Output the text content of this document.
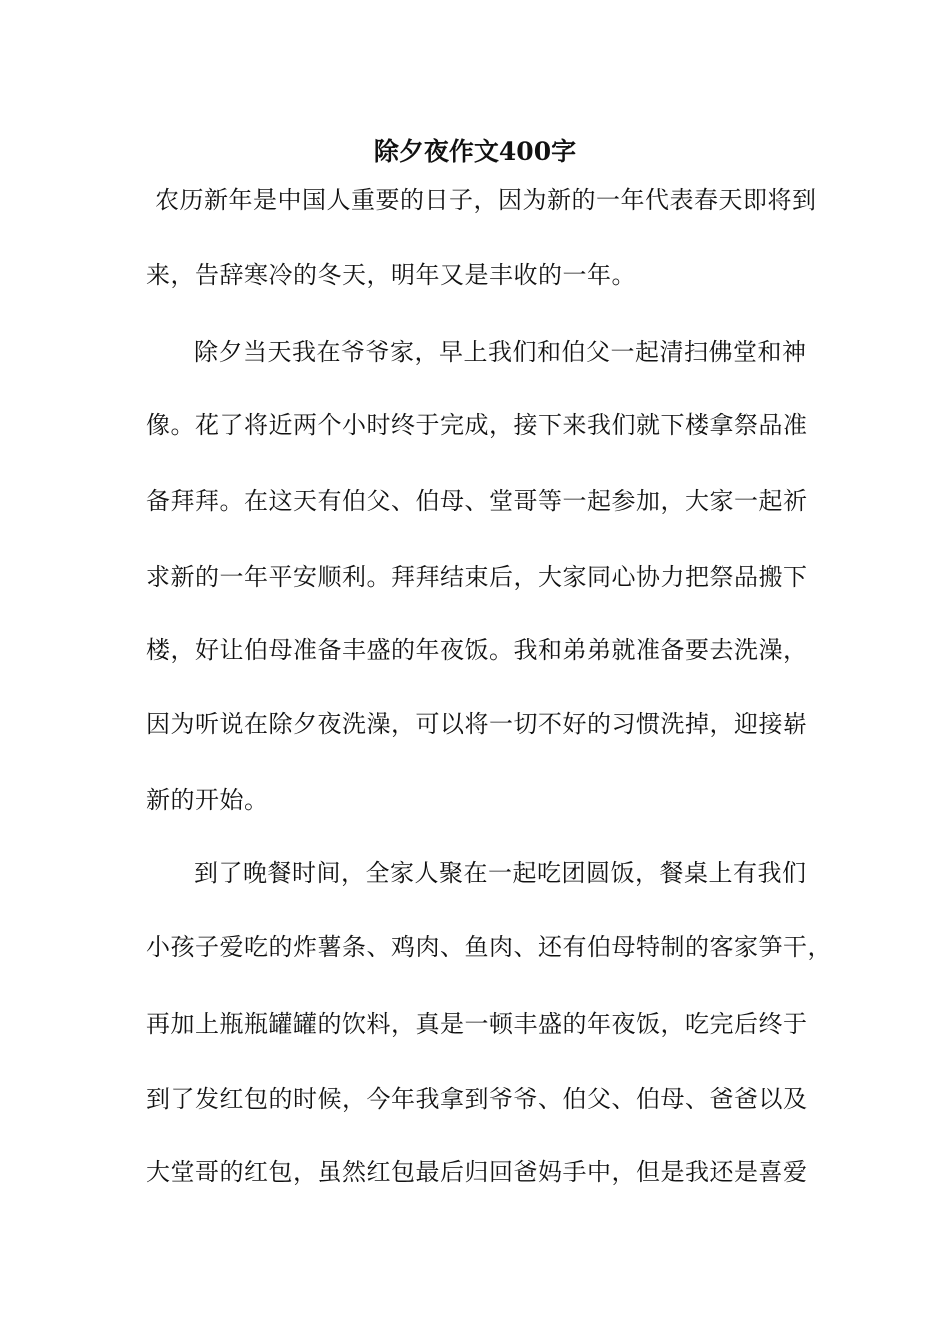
除夕夜作文400字
农历新年是中国人重要的日子，因为新的一年代表春天即将到
来，告辞寒冷的冬天，明年又是丰收的一年。
除夕当天我在爷爷家，早上我们和伯父一起清扫佛堂和神
像。花了将近两个小时终于完成，接下来我们就下楼拿祭品准
备拜拜。在这天有伯父、伯母、堂哥等一起参加，大家一起祈
求新的一年平安顺利。拜拜结束后，大家同心协力把祭品搬下
楼，好让伯母准备丰盛的年夜饭。我和弟弟就准备要去洗澡，
因为听说在除夕夜洗澡，可以将一切不好的习惯洗掉，迎接崭
新的开始。
到了晚餐时间，全家人聚在一起吃团圆饭，餐桌上有我们
小孩子爱吃的炸薯条、鸡肉、鱼肉、还有伯母特制的客家笋干，
再加上瓶瓶罐罐的饮料，真是一顿丰盛的年夜饭，吃完后终于
到了发红包的时候，今年我拿到爷爷、伯父、伯母、爸爸以及
大堂哥的红包，虽然红包最后归回爸妈手中，但是我还是喜爱
